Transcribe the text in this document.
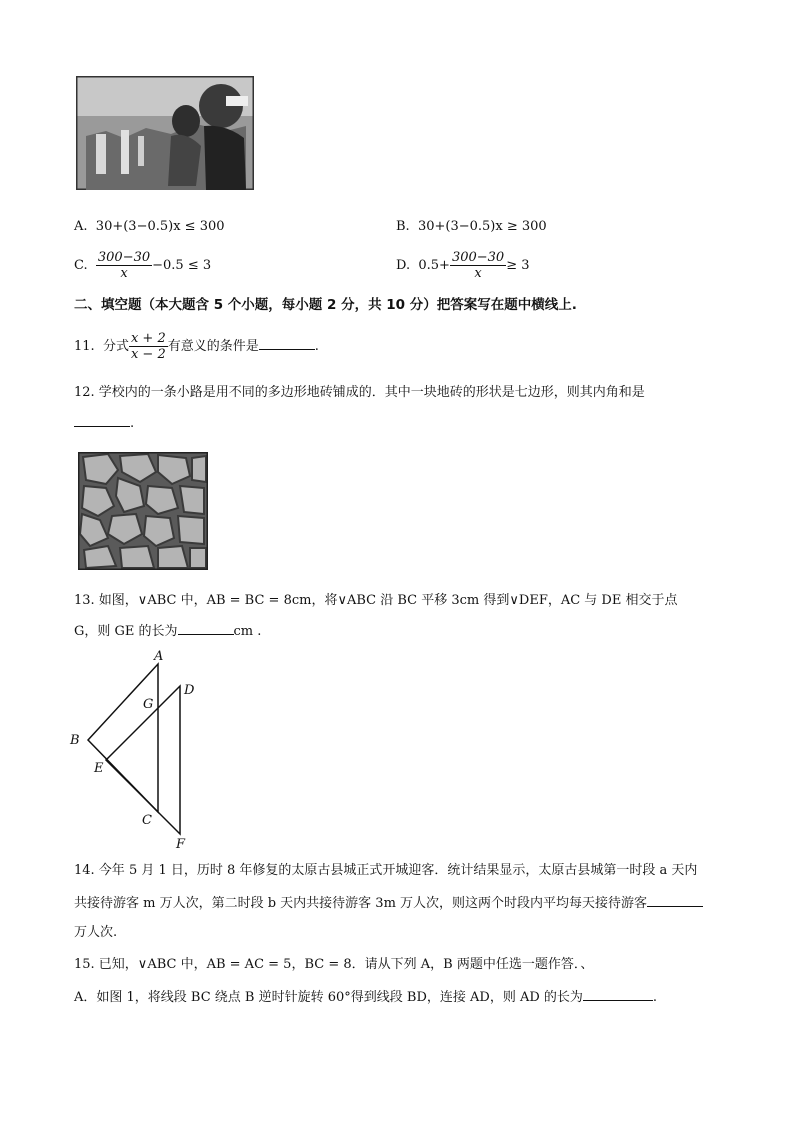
A. 30+(3−0.5)x ≤ 300	B. 30+(3−0.5)x ≥ 300
C. $\frac{300-30}{x} -0.5 \le 3$	D. $0.5+ \frac{300-30}{x} \ge 3$
二、填空题（本大题含 5 个小题，每小题 2 分，共 10 分）把答案写在题中横线上.
11. 分式 $\frac{x + 2}{x - 2}$ 有意义的条件是	.
12. 学校内的一条小路是用不同的多边形地砖铺成的．其中一块地砖的形状是七边形，则其内角和是
.
13. 如图，∨ABC 中，AB = BC = 8cm，将∨ABC 沿 BC 平移 3cm 得到∨DEF，AC 与 DE 相交于点
G，则 GE 的长为	cm .
A
D
G
B
E
C
F
14. 今年 5 月 1 日，历时 8 年修复的太原古县城正式开城迎客．统计结果显示，太原古县城第一时段 a 天内
共接待游客 m 万人次，第二时段 b 天内共接待游客 3m 万人次，则这两个时段内平均每天接待游客
万人次.
15. 已知，∨ABC 中，AB = AC = 5，BC = 8．请从下列 A，B 两题中任选一题作答．、
A．如图 1，将线段 BC 绕点 B 逆时针旋转 60°得到线段 BD，连接 AD，则 AD 的长为	.
